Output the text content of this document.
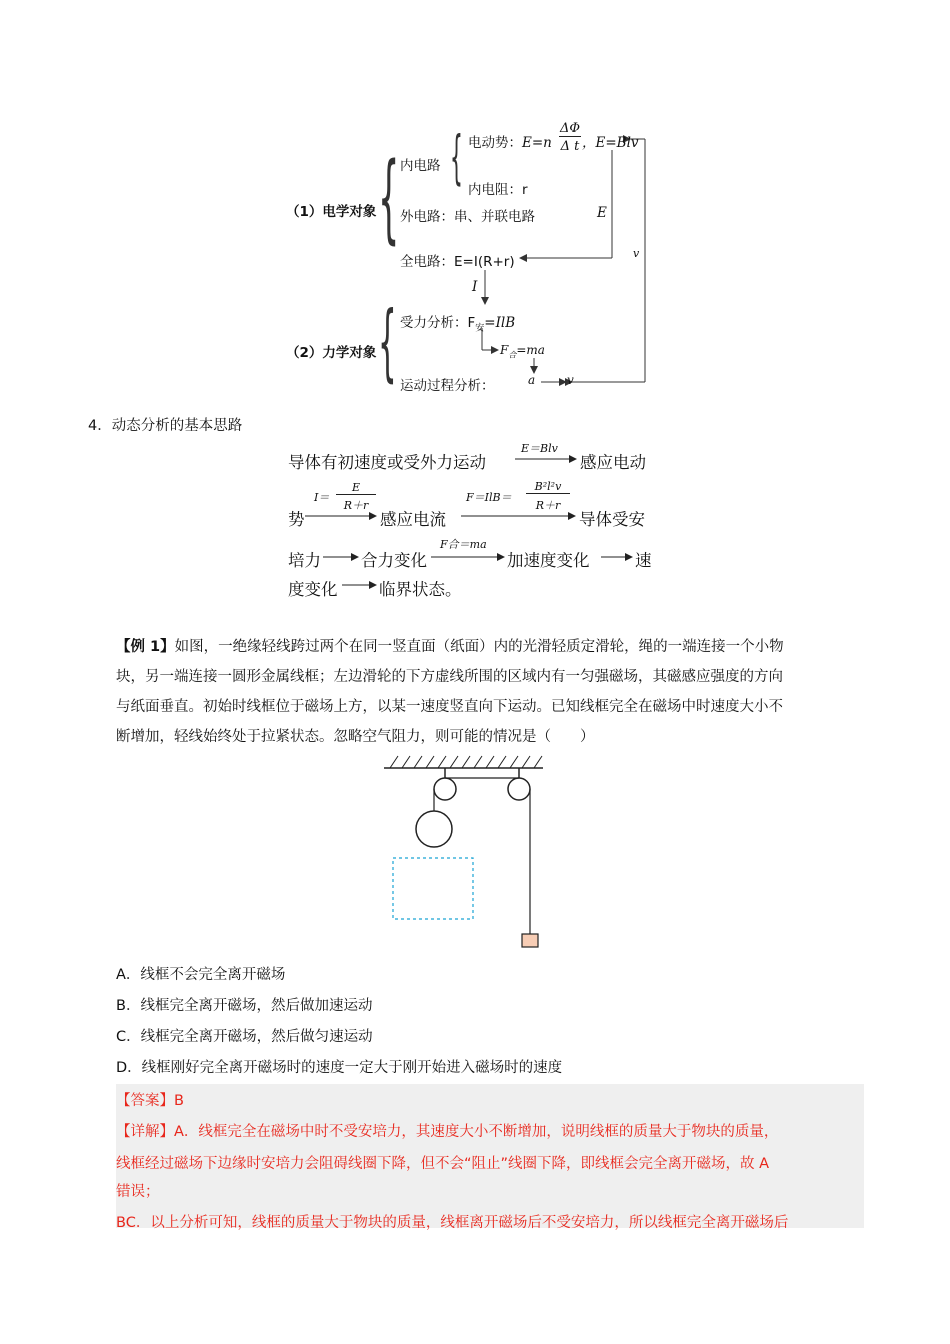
（1）电学对象 { 内电路 { 电动势：E=n
ΔΦ
Δ t ，E=Blv
内电阻：r
外电路：串、并联电路	E
v
全电路：E=I(R+r)
I
（2）力学对象 { 受力分析：$F_安=IlB$
$F_合=ma$
运动过程分析：	a	v
4．动态分析的基本思路
导体有初速度或受外力运动
E＝Blv
感应电动
势
I＝
E
R＋r
感应电流
F＝IlB＝
B²l²v
R＋r
导体受安
培力 合力变化
F合＝ma
加速度变化	速
度变化	临界状态。
【例 1】如图，一绝缘轻线跨过两个在同一竖直面（纸面）内的光滑轻质定滑轮，绳的一端连接一个小物
块，另一端连接一圆形金属线框；左边滑轮的下方虚线所围的区域内有一匀强磁场，其磁感应强度的方向
与纸面垂直。初始时线框位于磁场上方，以某一速度竖直向下运动。已知线框完全在磁场中时速度大小不
断增加，轻线始终处于拉紧状态。忽略空气阻力，则可能的情况是（　　）
A．线框不会完全离开磁场
B．线框完全离开磁场，然后做加速运动
C．线框完全离开磁场，然后做匀速运动
D．线框刚好完全离开磁场时的速度一定大于刚开始进入磁场时的速度
【答案】B
【详解】A．线框完全在磁场中时不受安培力，其速度大小不断增加，说明线框的质量大于物块的质量，
线框经过磁场下边缘时安培力会阻碍线圈下降，但不会“阻止”线圈下降，即线框会完全离开磁场，故 A
错误；
BC．以上分析可知，线框的质量大于物块的质量，线框离开磁场后不受安培力，所以线框完全离开磁场后
